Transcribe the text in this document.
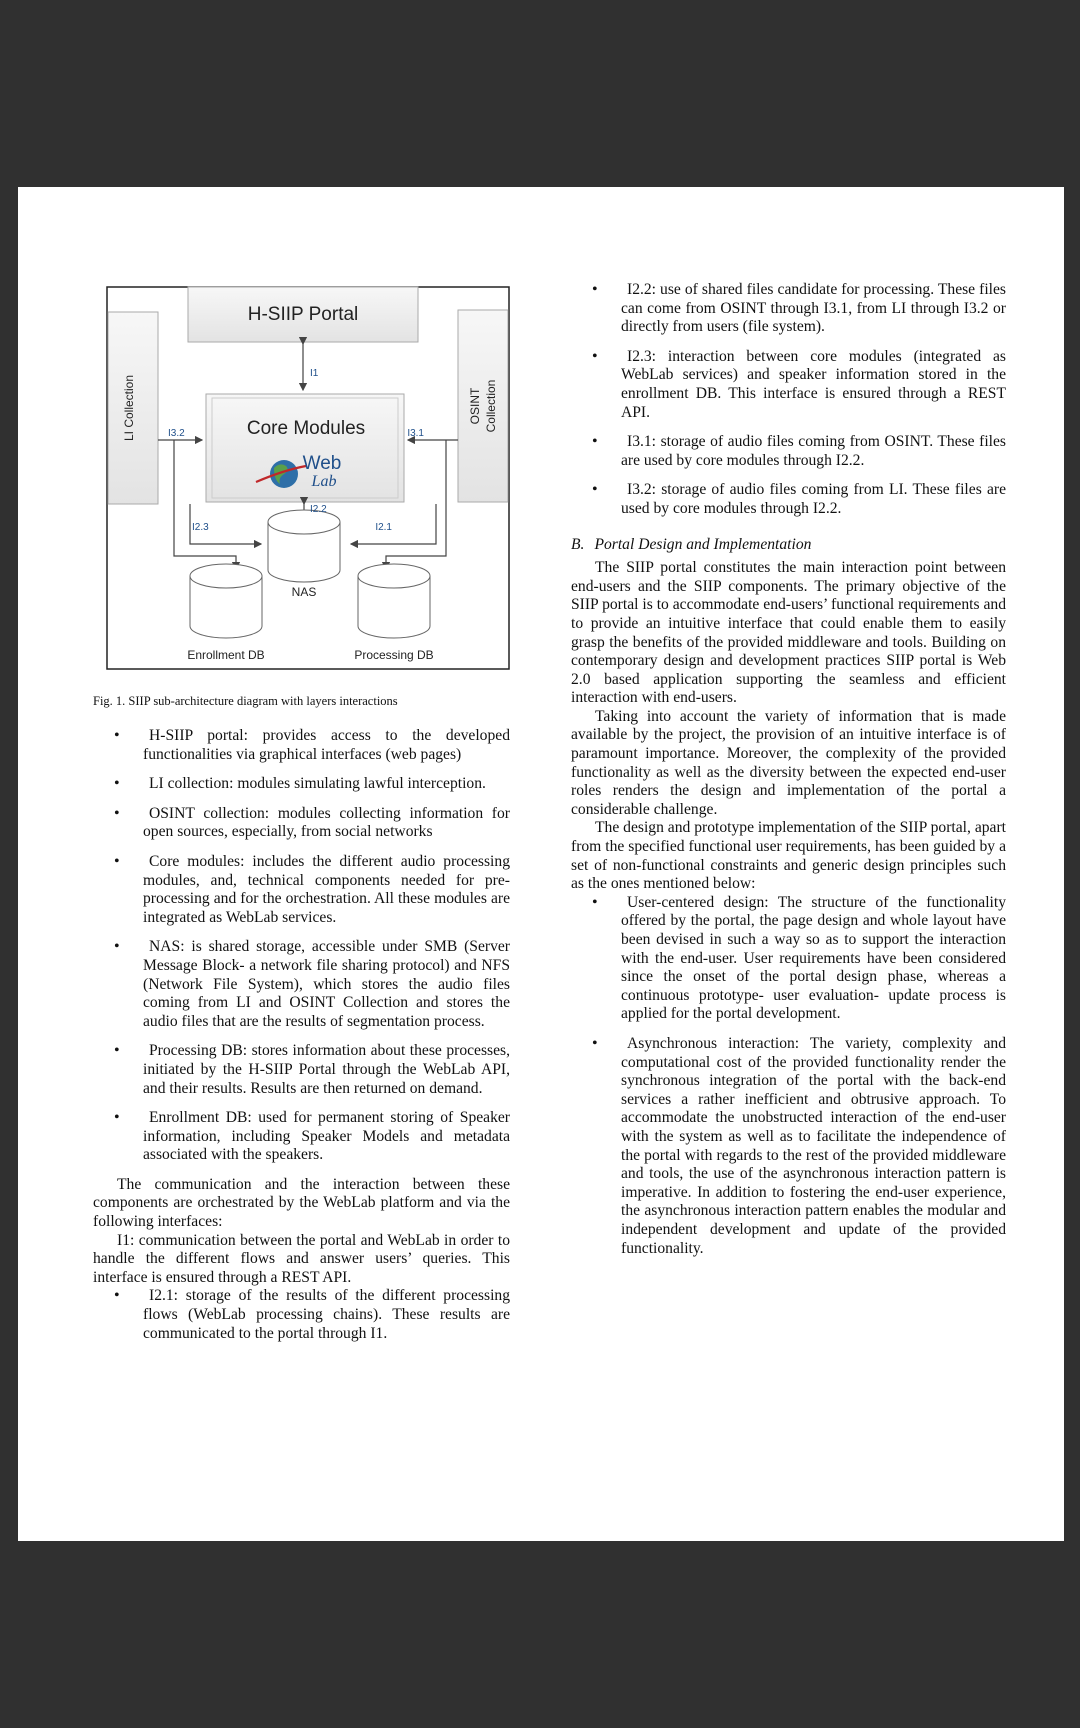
H-SIIP Portal
Core Modules
Web
Lab
LI Collection	OSINT Collection
NAS
Enrollment DB	Processing DB
I1
I3.1
I3.2
I2.1
I2.2
I2.3
Fig. 1. SIIP sub-architecture diagram with layers interactions
• H-SIIP portal: provides access to the developed functionalities via graphical interfaces (web pages)
• LI collection: modules simulating lawful interception.
• OSINT collection: modules collecting information for open sources, especially, from social networks
• Core modules: includes the different audio processing modules, and, technical components needed for pre-processing and for the orchestration. All these modules are integrated as WebLab services.
• NAS: is shared storage, accessible under SMB (Server Message Block- a network file sharing protocol) and NFS (Network File System), which stores the audio files coming from LI and OSINT Collection and stores the audio files that are the results of segmentation process.
• Processing DB: stores information about these processes, initiated by the H-SIIP Portal through the WebLab API, and their results. Results are then returned on demand.
• Enrollment DB: used for permanent storing of Speaker information, including Speaker Models and metadata associated with the speakers.

The communication and the interaction between these components are orchestrated by the WebLab platform and via the following interfaces:

I1: communication between the portal and WebLab in order to handle the different flows and answer users’ queries. This interface is ensured through a REST API.

• I2.1: storage of the results of the different processing flows (WebLab processing chains). These results are communicated to the portal through I1.
• I2.2: use of shared files candidate for processing. These files can come from OSINT through I3.1, from LI through I3.2 or directly from users (file system).
• I2.3: interaction between core modules (integrated as WebLab services) and speaker information stored in the enrollment DB. This interface is ensured through a REST API.
• I3.1: storage of audio files coming from OSINT. These files are used by core modules through I2.2.
• I3.2: storage of audio files coming from LI. These files are used by core modules through I2.2.

B. Portal Design and Implementation

The SIIP portal constitutes the main interaction point between end-users and the SIIP components. The primary objective of the SIIP portal is to accommodate end-users’ functional requirements and to provide an intuitive interface that could enable them to easily grasp the benefits of the provided middleware and tools. Building on contemporary design and development practices SIIP portal is Web 2.0 based application supporting the seamless and efficient interaction with end-users.

Taking into account the variety of information that is made available by the project, the provision of an intuitive interface is of paramount importance. Moreover, the complexity of the provided functionality as well as the diversity between the expected end-user roles renders the design and implementation of the portal a considerable challenge.

The design and prototype implementation of the SIIP portal, apart from the specified functional user requirements, has been guided by a set of non-functional constraints and generic design principles such as the ones mentioned below:

• User-centered design: The structure of the functionality offered by the portal, the page design and whole layout have been devised in such a way so as to support the interaction with the end-user. User requirements have been considered since the onset of the portal design phase, whereas a continuous prototype- user evaluation- update process is applied for the portal development.
• Asynchronous interaction: The variety, complexity and computational cost of the provided functionality render the synchronous integration of the portal with the back-end services a rather inefficient and obtrusive approach. To accommodate the unobstructed interaction of the end-user with the system as well as to facilitate the independence of the portal with regards to the rest of the provided middleware and tools, the use of the asynchronous interaction pattern is imperative. In addition to fostering the end-user experience, the asynchronous interaction pattern enables the modular and independent development and update of the provided functionality.
